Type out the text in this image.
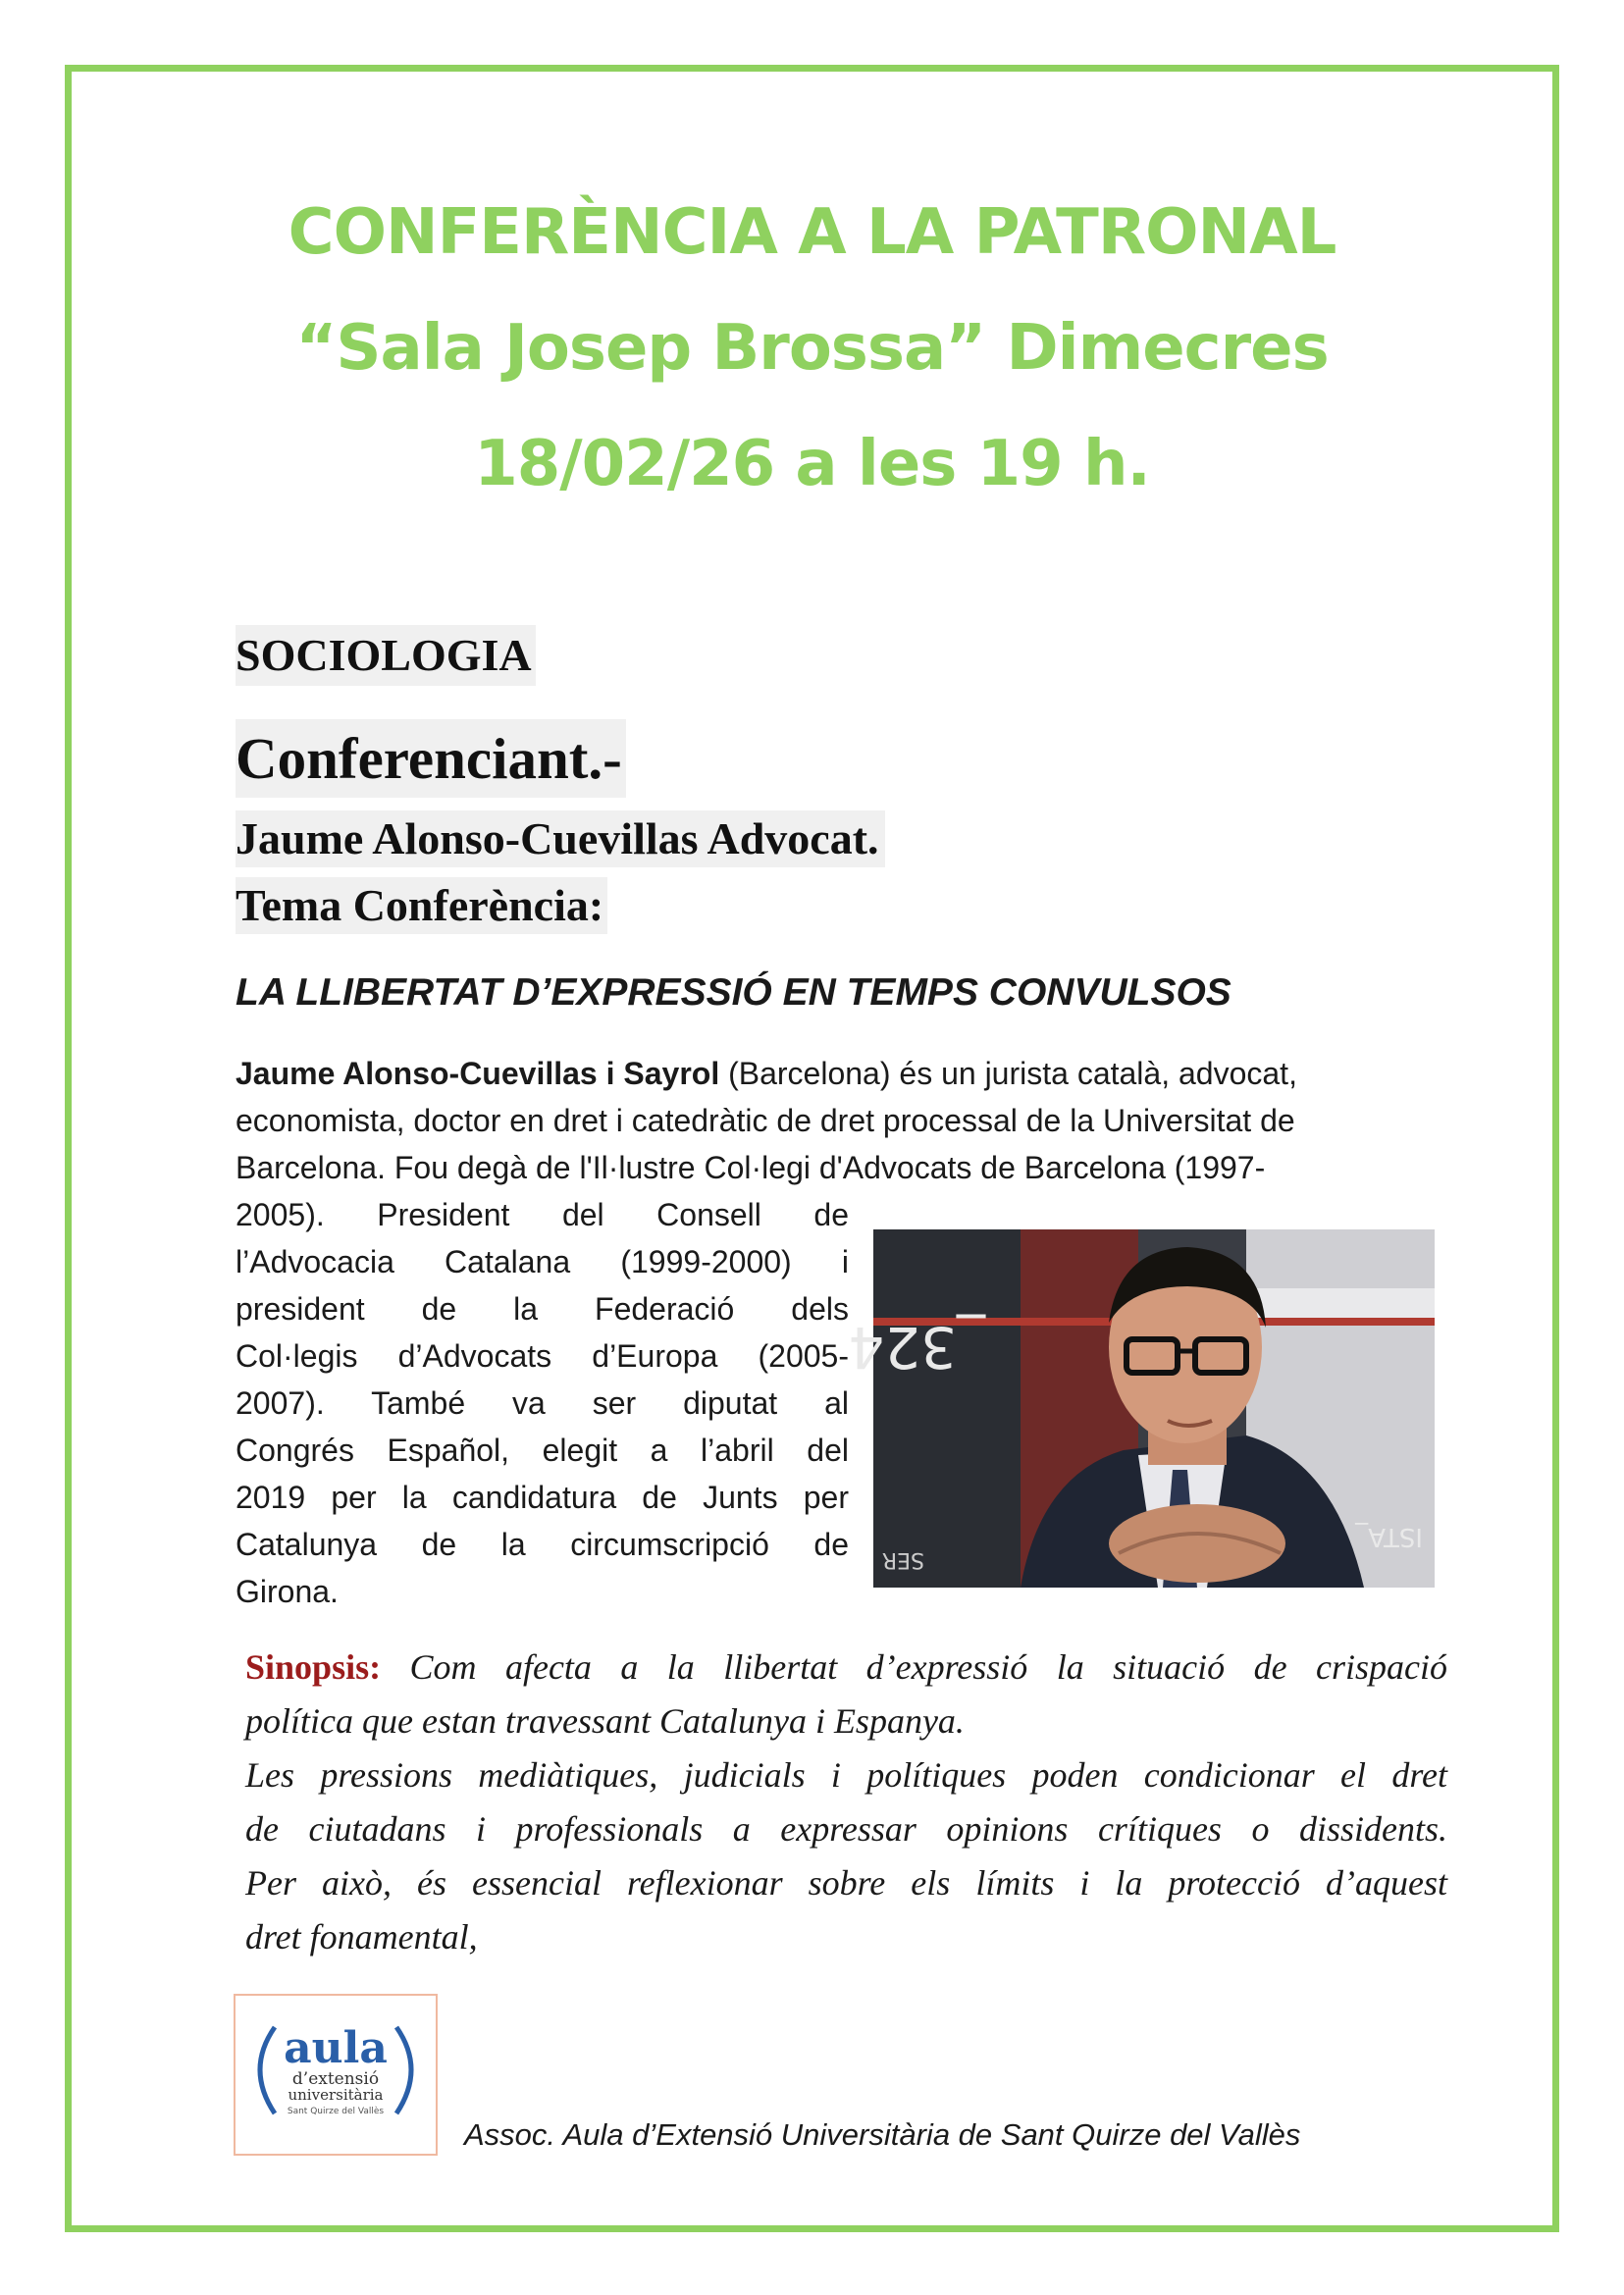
CONFERÈNCIA A LA PATRONAL
“Sala Josep Brossa” Dimecres
18/02/26 a les 19 h.
SOCIOLOGIA
Conferenciant.-
Jaume Alonso-Cuevillas Advocat.
Tema Conferència:
LA LLIBERTAT D’EXPRESSIÓ EN TEMPS CONVULSOS
Jaume Alonso-Cuevillas i Sayrol (Barcelona) és un jurista català, advocat,
economista, doctor en dret i catedràtic de dret processal de la Universitat de
Barcelona. Fou degà de l'Il·lustre Col·legi d'Advocats de Barcelona (1997-
2005). President del Consell de
l’Advocacia Catalana (1999-2000) i
president de la Federació dels
Col·legis d’Advocats d’Europa (2005-
2007). També va ser diputat al
Congrés Español, elegit a l’abril del
2019 per la candidatura de Junts per
Catalunya de la circumscripció de
Girona.
_324
ISTA_
SER
Sinopsis: Com afecta a la llibertat d’expressió la situació de crispació
política que estan travessant Catalunya i Espanya.
Les pressions mediàtiques, judicials i polítiques poden condicionar el dret
de ciutadans i professionals a expressar opinions crítiques o dissidents.
Per això, és essencial reflexionar sobre els límits i la protecció d’aquest
dret fonamental,
aula
d’extensió
universitària
Sant Quirze del Vallès
Assoc. Aula d’Extensió Universitària de Sant Quirze del Vallès
